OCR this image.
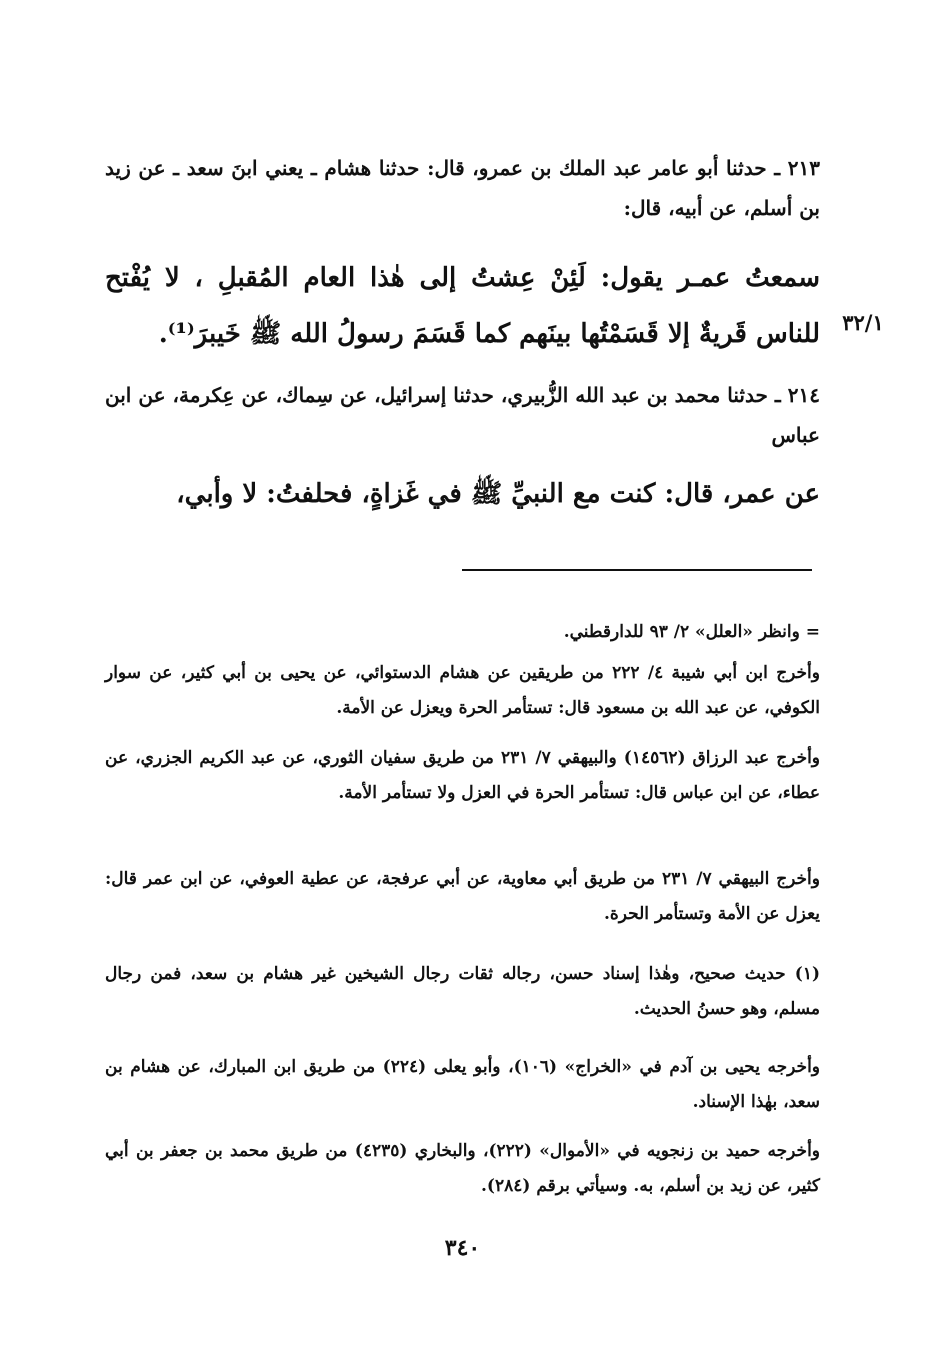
٢١٣ ـ حدثنا أبو عامر عبد الملك بن عمرو، قال: حدثنا هشام ـ يعني ابنَ سعد ـ عن زيد بن أسلم، عن أبيه، قال:

سمعتُ عمـر يقول: لَئِنْ عِشتُ إلى هٰذا العام المُقبلِ ، لا يُفْتح للناس قَريةٌ إلا قَسَمْتُها بينَهم كما قَسَمَ رسولُ الله ﷺ خَيبرَ⁽¹⁾.	٣٢/١

٢١٤ ـ حدثنا محمد بن عبد الله الزُّبيري، حدثنا إسرائيل، عن سِماك، عن عِكرمة، عن ابن عباس

عن عمر، قال: كنت مع النبيِّ ﷺ في غَزاةٍ، فحلفتُ: لا وأبي،

= وانظر «العلل» ٢/ ٩٣ للدارقطني.

وأخرج ابن أبي شيبة ٤/ ٢٢٢ من طريقين عن هشام الدستوائي، عن يحيى بن أبي كثير، عن سوار الكوفي، عن عبد الله بن مسعود قال: تستأمر الحرة ويعزل عن الأمة.

وأخرج عبد الرزاق (١٤٥٦٢) والبيهقي ٧/ ٢٣١ من طريق سفيان الثوري، عن عبد الكريم الجزري، عن عطاء، عن ابن عباس قال: تستأمر الحرة في العزل ولا تستأمر الأمة.

وأخرج البيهقي ٧/ ٢٣١ من طريق أبي معاوية، عن أبي عرفجة، عن عطية العوفي، عن ابن عمر قال: يعزل عن الأمة وتستأمر الحرة.

(١) حديث صحيح، وهٰذا إسناد حسن، رجاله ثقات رجال الشيخين غير هشام بن سعد، فمن رجال مسلم، وهو حسنُ الحديث.

وأخرجه يحيى بن آدم في «الخراج» (١٠٦)، وأبو يعلى (٢٢٤) من طريق ابن المبارك، عن هشام بن سعد، بهٰذا الإسناد.

وأخرجه حميد بن زنجويه في «الأموال» (٢٢٢)، والبخاري (٤٢٣٥) من طريق محمد بن جعفر بن أبي كثير، عن زيد بن أسلم، به. وسيأتي برقم (٢٨٤).

٣٤٠
